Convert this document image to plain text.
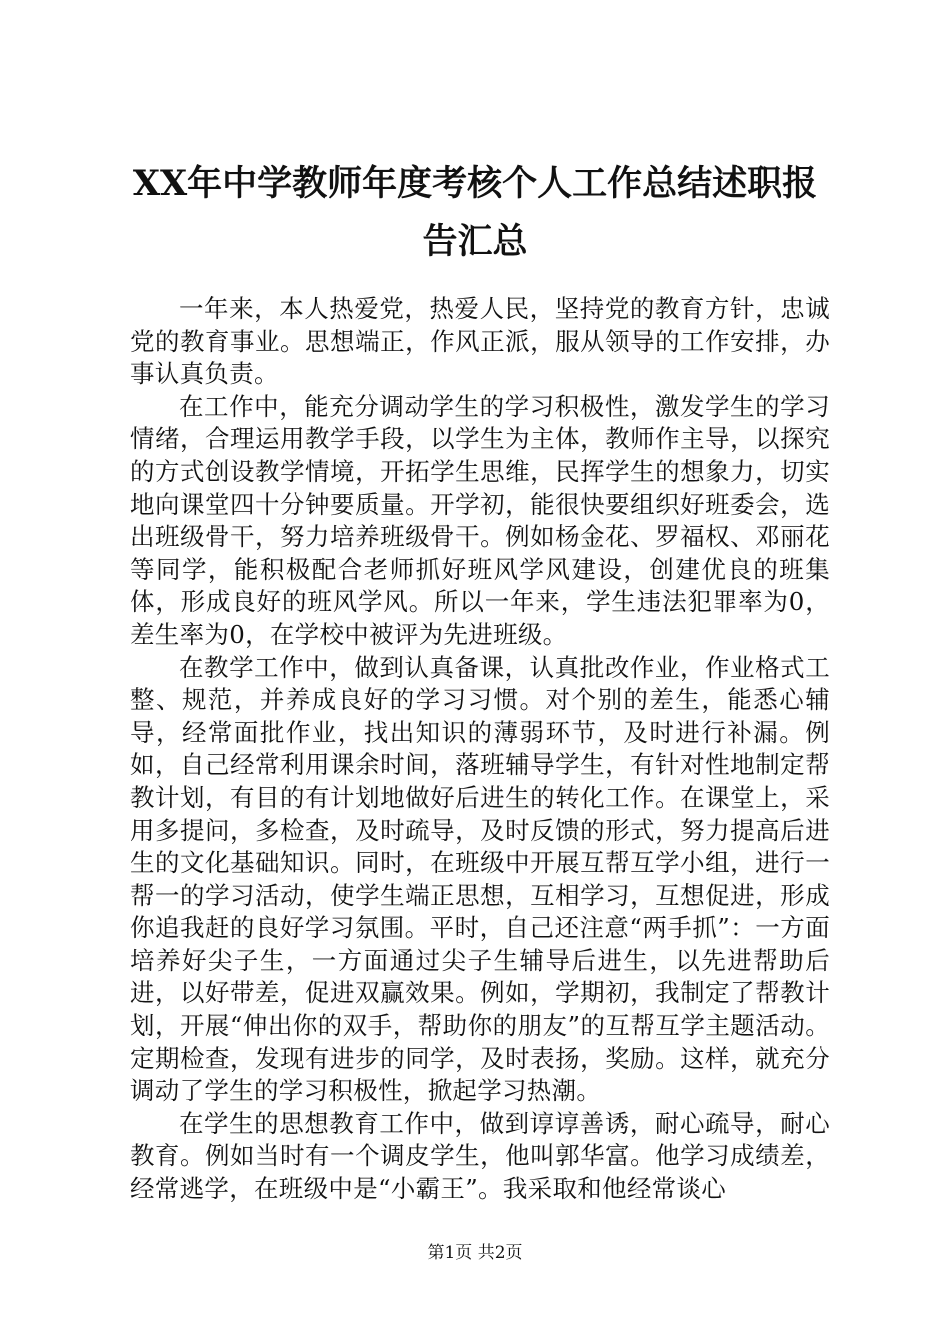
XX年中学教师年度考核个人工作总结述职报
告汇总

一年来，本人热爱党，热爱人民，坚持党的教育方针，忠诚党的教育事业。思想端正，作风正派，服从领导的工作安排，办事认真负责。

在工作中，能充分调动学生的学习积极性，激发学生的学习情绪，合理运用教学手段，以学生为主体，教师作主导，以探究的方式创设教学情境，开拓学生思维，民挥学生的想象力，切实地向课堂四十分钟要质量。开学初，能很快要组织好班委会，选出班级骨干，努力培养班级骨干。例如杨金花、罗福权、邓丽花等同学，能积极配合老师抓好班风学风建设，创建优良的班集体，形成良好的班风学风。所以一年来，学生违法犯罪率为0，差生率为0，在学校中被评为先进班级。

在教学工作中，做到认真备课，认真批改作业，作业格式工整、规范，并养成良好的学习习惯。对个别的差生，能悉心辅导，经常面批作业，找出知识的薄弱环节，及时进行补漏。例如，自己经常利用课余时间，落班辅导学生，有针对性地制定帮教计划，有目的有计划地做好后进生的转化工作。在课堂上，采用多提问，多检查，及时疏导，及时反馈的形式，努力提高后进生的文化基础知识。同时，在班级中开展互帮互学小组，进行一帮一的学习活动，使学生端正思想，互相学习，互想促进，形成你追我赶的良好学习氛围。平时，自己还注意“两手抓”：一方面培养好尖子生，一方面通过尖子生辅导后进生，以先进帮助后进，以好带差，促进双赢效果。例如，学期初，我制定了帮教计划，开展“伸出你的双手，帮助你的朋友”的互帮互学主题活动。定期检查，发现有进步的同学，及时表扬，奖励。这样，就充分调动了学生的学习积极性，掀起学习热潮。

在学生的思想教育工作中，做到谆谆善诱，耐心疏导，耐心教育。例如当时有一个调皮学生，他叫郭华富。他学习成绩差，经常逃学，在班级中是“小霸王”。我采取和他经常谈心

第1页 共2页
